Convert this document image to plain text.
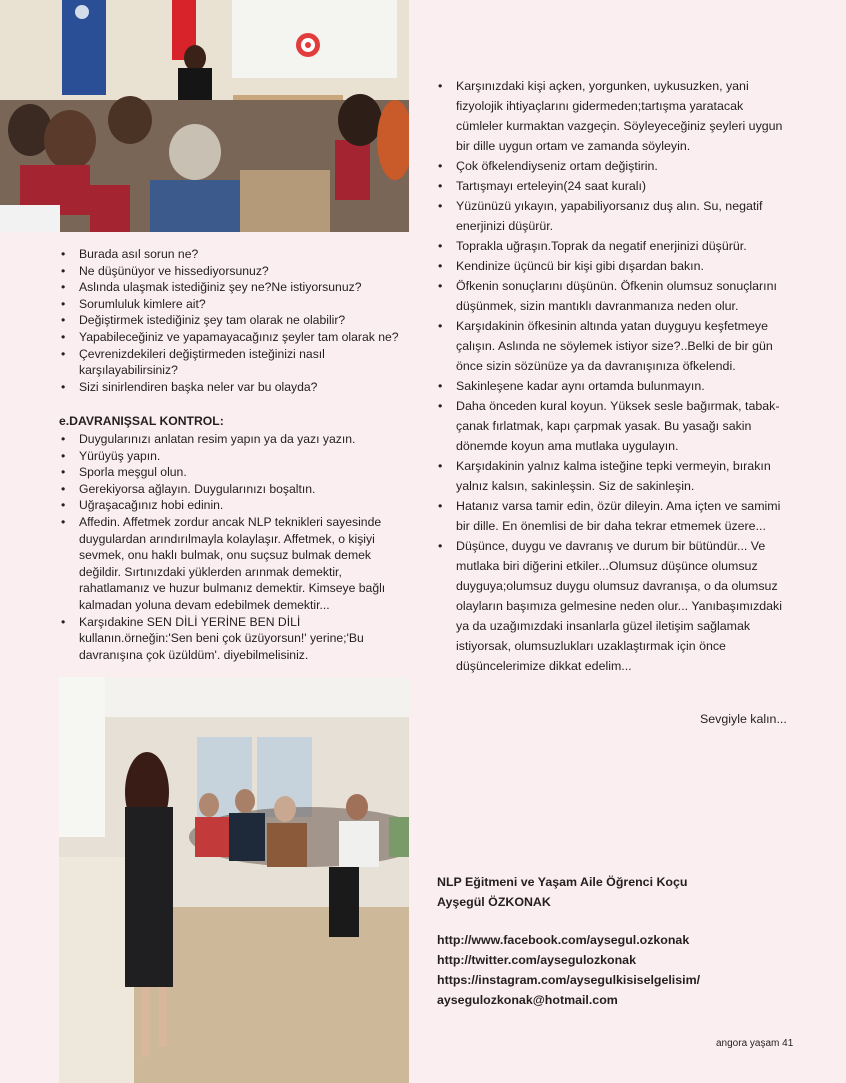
• Burada asıl sorun ne?
• Ne düşünüyor ve hissediyorsunuz?
• Aslında ulaşmak istediğiniz şey ne?Ne istiyorsunuz?
• Sorumluluk kimlere ait?
• Değiştirmek istediğiniz şey tam olarak ne olabilir?
• Yapabileceğiniz ve yapamayacağınız şeyler tam olarak ne?
• Çevrenizdekileri değiştirmeden isteğinizi nasıl karşılayabilirsiniz?
• Sizi sinirlendiren başka neler var bu olayda?
e.DAVRANIŞSAL KONTROL:
• Duygularınızı anlatan resim yapın ya da yazı yazın.
• Yürüyüş yapın.
• Sporla meşgul olun.
• Gerekiyorsa ağlayın. Duygularınızı boşaltın.
• Uğraşacağınız hobi edinin.
• Affedin. Affetmek zordur ancak NLP teknikleri sayesinde duygulardan arındırılmayla kolaylaşır. Affetmek, o kişiyi sevmek, onu haklı bulmak, onu suçsuz bulmak demek değildir. Sırtınızdaki yüklerden arınmak demektir, rahatlamanız ve huzur bulmanız demektir. Kimseye bağlı kalmadan yoluna devam edebilmek demektir...
• Karşıdakine SEN DİLİ YERİNE BEN DİLİ kullanın.örneğin:'Sen beni çok üzüyorsun!' yerine;'Bu davranışına çok üzüldüm'. diyebilmelisiniz.
• Karşınızdaki kişi açken, yorgunken, uykusuzken, yani fizyolojik ihtiyaçlarını gidermeden;tartışma yaratacak cümleler kurmaktan vazgeçin. Söyleyeceğiniz şeyleri uygun bir dille uygun ortam ve zamanda söyleyin.
• Çok öfkelendiyseniz ortam değiştirin.
• Tartışmayı erteleyin(24 saat kuralı)
• Yüzünüzü yıkayın, yapabiliyorsanız duş alın. Su, negatif enerjinizi düşürür.
• Toprakla uğraşın.Toprak da negatif enerjinizi düşürür.
• Kendinize üçüncü bir kişi gibi dışardan bakın.
• Öfkenin sonuçlarını düşünün. Öfkenin olumsuz sonuçlarını düşünmek, sizin mantıklı davranmanıza neden olur.
• Karşıdakinin öfkesinin altında yatan duyguyu keşfetmeye çalışın. Aslında ne söylemek istiyor size?..Belki de bir gün önce sizin sözünüze ya da davranışınıza öfkelendi.
• Sakinleşene kadar aynı ortamda bulunmayın.
• Daha önceden kural koyun. Yüksek sesle bağırmak, tabak-çanak fırlatmak, kapı çarpmak yasak. Bu yasağı sakin dönemde koyun ama mutlaka uygulayın.
• Karşıdakinin yalnız kalma isteğine tepki vermeyin, bırakın yalnız kalsın, sakinleşsin. Siz de sakinleşin.
• Hatanız varsa tamir edin, özür dileyin. Ama içten ve samimi bir dille. En önemlisi de bir daha tekrar etmemek üzere...
• Düşünce, duygu ve davranış ve durum bir bütündür... Ve mutlaka biri diğerini etkiler...Olumsuz düşünce olumsuz duyguya;olumsuz duygu olumsuz davranışa, o da olumsuz olayların başımıza gelmesine neden olur... Yanıbaşımızdaki ya da uzağımızdaki insanlarla güzel iletişim sağlamak istiyorsak, olumsuzlukları uzaklaştırmak için önce düşüncelerimize dikkat edelim...
Sevgiyle kalın...
NLP Eğitmeni ve Yaşam Aile Öğrenci Koçu
Ayşegül ÖZKONAK
http://www.facebook.com/aysegul.ozkonak
http://twitter.com/aysegulozkonak
https://instagram.com/aysegulkisiselgelisim/
aysegulozkonak@hotmail.com
angora yaşam 41
